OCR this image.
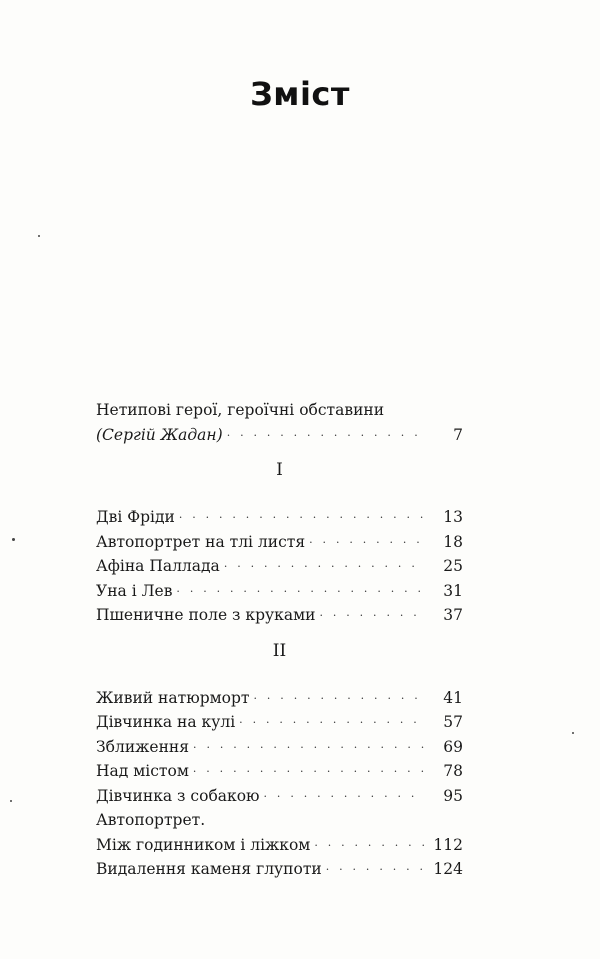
Зміст
Нетипові герої, героїчні обставини
(Сергій Жадан) · · ·	7
I
Дві Фріди · · ·	13
Автопортрет на тлі листя · · ·	18
Афіна Паллада · · ·	25
Уна і Лев · · ·	31
Пшеничне поле з круками · · ·	37
II
Живий натюрморт · · ·	41
Дівчинка на кулі · · ·	57
Зближення · · ·	69
Над містом · · ·	78
Дівчинка з собакою · · ·	95
Автопортрет.
Між годинником і ліжком · · ·	112
Видалення каменя глупоти · · ·	124
